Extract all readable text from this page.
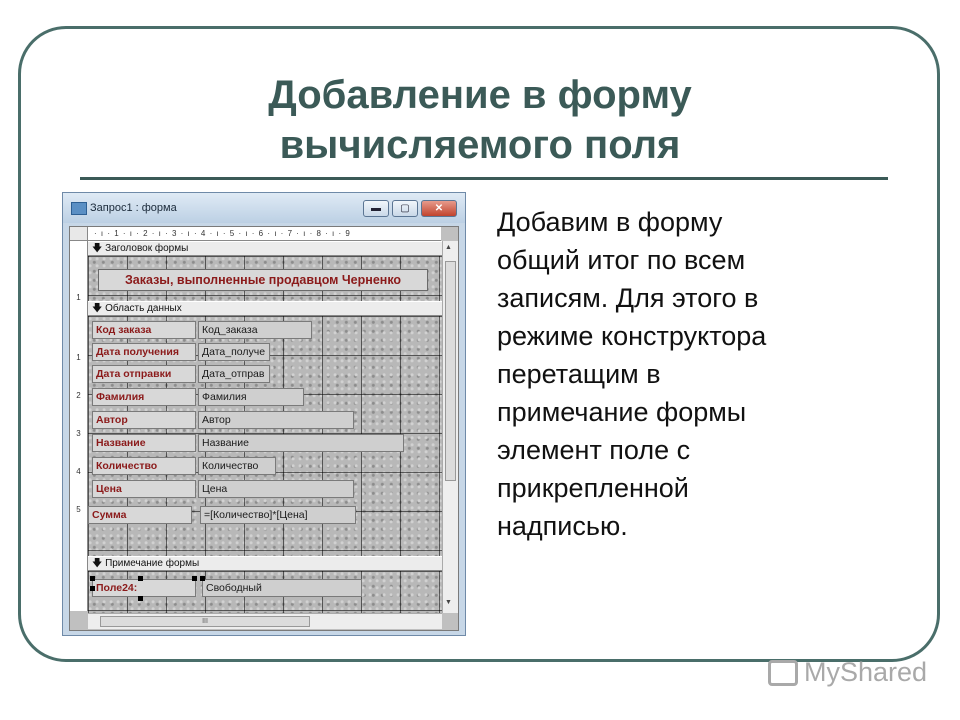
Добавление в форму
вычисляемого поля
Добавим в форму
общий итог по всем
записям. Для этого в
режиме конструктора
перетащим в
примечание формы
элемент поле с
прикрепленной
надписью.
Запрос1 : форма	▬	▢	✕
· ı · 1 · ı · 2 · ı · 3 · ı · 4 · ı · 5 · ı · 6 · ı · 7 · ı · 8 · ı · 9
1
1
2
3
4
5
🡇 Заголовок формы
Заказы, выполненные продавцом Черненко
🡇 Область данных
Код заказа	Код_заказа
Дата получения	Дата_получе
Дата отправки	Дата_отправ
Фамилия	Фамилия
Автор	Автор
Название	Название
Количество	Количество
Цена	Цена
Сумма	=[Количество]*[Цена]
🡇 Примечание формы
Поле24:	Свободный
▲
▼
III
MyShared
